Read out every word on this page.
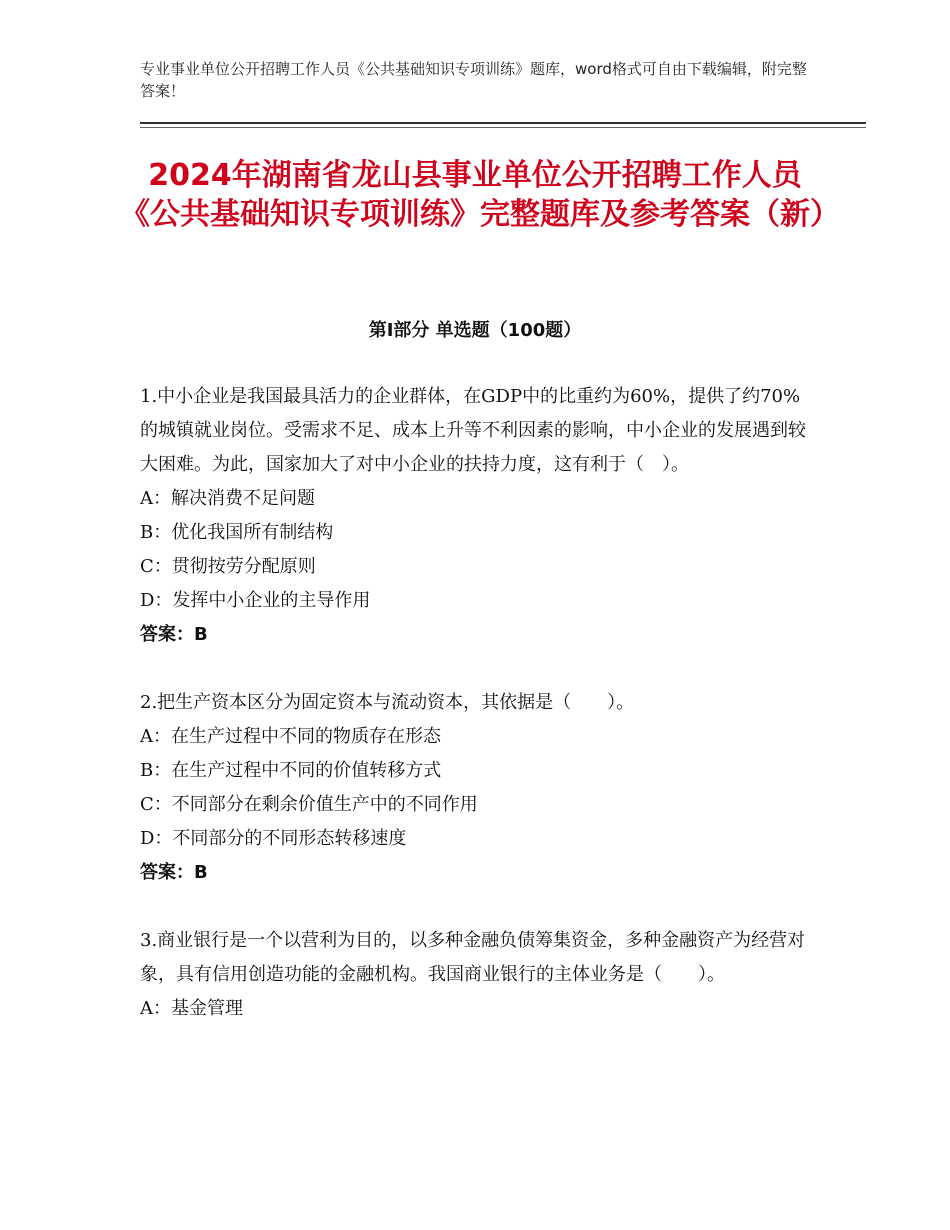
专业事业单位公开招聘工作人员《公共基础知识专项训练》题库，word格式可自由下载编辑，附完整答案！
2024年湖南省龙山县事业单位公开招聘工作人员《公共基础知识专项训练》完整题库及参考答案（新）
第Ⅰ部分 单选题（100题）

1.中小企业是我国最具活力的企业群体，在GDP中的比重约为60%，提供了约70%的城镇就业岗位。受需求不足、成本上升等不利因素的影响，中小企业的发展遇到较大困难。为此，国家加大了对中小企业的扶持力度，这有利于（　）。

A：解决消费不足问题

B：优化我国所有制结构

C：贯彻按劳分配原则

D：发挥中小企业的主导作用

答案：B

2.把生产资本区分为固定资本与流动资本，其依据是（　　）。

A：在生产过程中不同的物质存在形态

B：在生产过程中不同的价值转移方式

C：不同部分在剩余价值生产中的不同作用

D：不同部分的不同形态转移速度

答案：B

3.商业银行是一个以营利为目的，以多种金融负债筹集资金，多种金融资产为经营对象，具有信用创造功能的金融机构。我国商业银行的主体业务是（　　）。

A：基金管理
